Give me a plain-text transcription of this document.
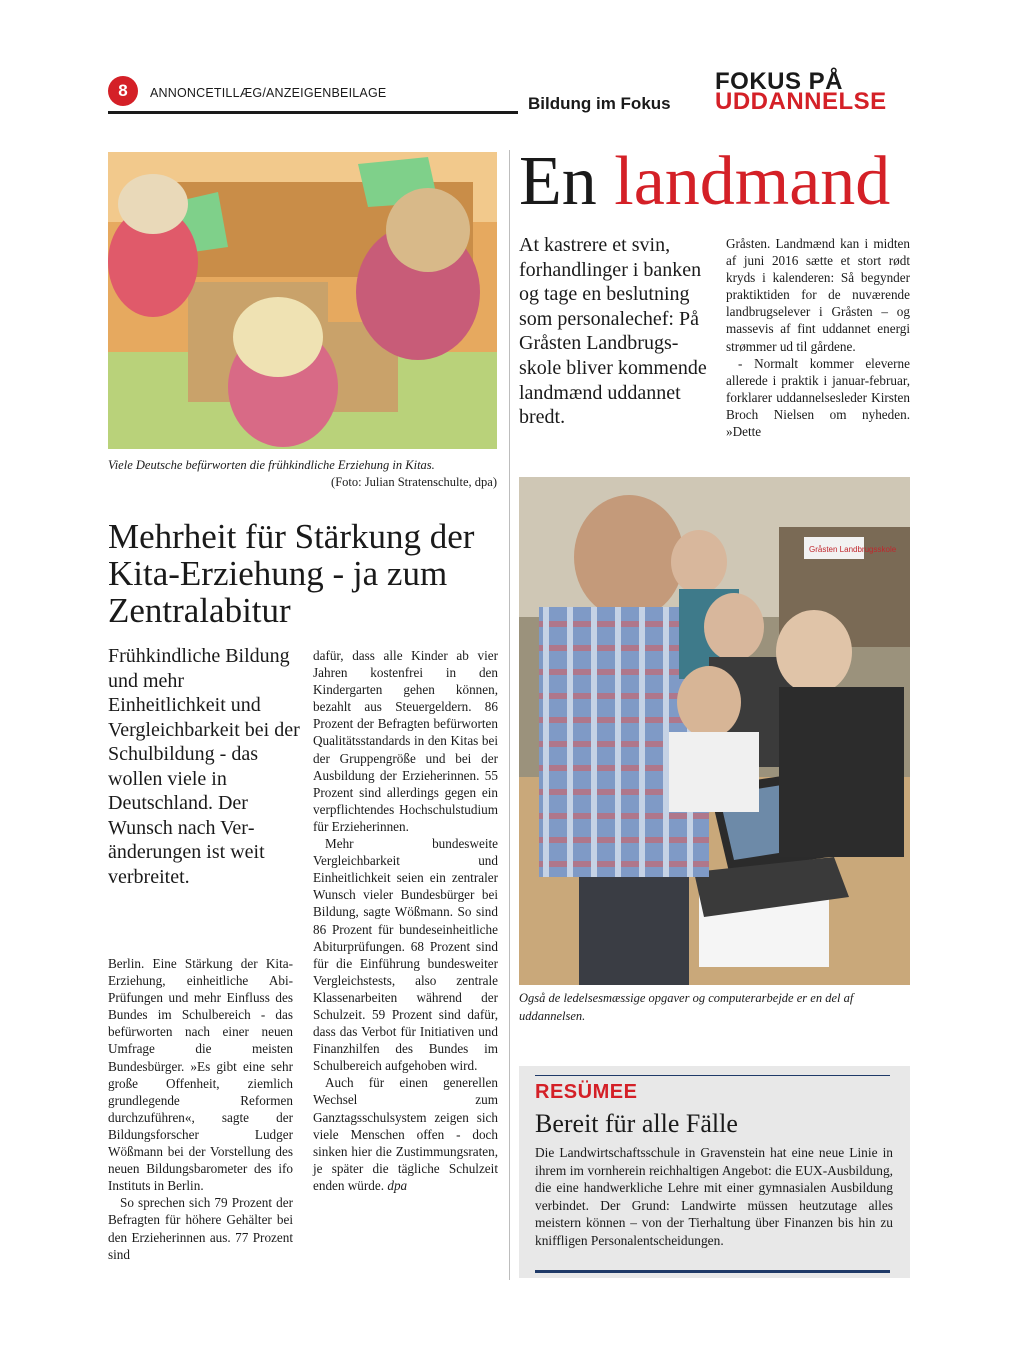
8	ANNONCETILLÆG/ANZEIGENBEILAGE
Bildung im Fokus
FOKUS PÅ
UDDANNELSE
Viele Deutsche befürworten die frühkindliche Erziehung in Kitas.
(Foto: Julian Stratenschulte, dpa)
Mehrheit für Stärkung der Kita-Erziehung - ja zum Zentralabitur
Frühkindliche Bildung und mehr Einheitlichkeit und Vergleichbarkeit bei der Schulbildung - das wollen viele in Deutschland. Der Wunsch nach Veränderungen ist weit verbreitet.

Berlin. Eine Stärkung der Kita-Erziehung, einheitliche Abi-Prüfungen und mehr Einfluss des Bundes im Schulbereich - das befürworten nach einer neuen Umfrage die meisten Bundesbürger. »Es gibt eine sehr große Offenheit, ziemlich grundlegende Reformen durchzuführen«, sagte der Bildungsforscher Ludger Wößmann bei der Vorstellung des neuen Bildungsbarometer des ifo Instituts in Berlin.

So sprechen sich 79 Prozent der Befragten für höhere Gehälter bei den Erzieherinnen aus. 77 Prozent sind

dafür, dass alle Kinder ab vier Jahren kostenfrei in den Kindergarten gehen können, bezahlt aus Steuergeldern. 86 Prozent der Befragten befürworten Qualitätsstandards in den Kitas bei der Gruppengröße und bei der Ausbildung der Erzieherinnen. 55 Prozent sind allerdings gegen ein verpflichtendes Hochschulstudium für Erzieherinnen.

Mehr bundesweite Vergleichbarkeit und Einheitlichkeit seien ein zentraler Wunsch vieler Bundesbürger bei Bildung, sagte Wößmann. So sind 86 Prozent für bundeseinheitliche Abiturprüfungen. 68 Prozent sind für die Einführung bundesweiter Vergleichstests, also zentrale Klassenarbeiten während der Schulzeit. 59 Prozent sind dafür, dass das Verbot für Initiativen und Finanzhilfen des Bundes im Schulbereich aufgehoben wird.

Auch für einen generellen Wechsel zum Ganztagsschulsystem zeigen sich viele Menschen offen - doch sinken hier die Zustimmungsraten, je später die tägliche Schulzeit enden würde. dpa

En landmand
At kastrere et svin, forhandlinger i banken og tage en beslutning som personalechef: På Gråsten Landbrugsskole bliver kommende landmænd uddannet bredt.

Gråsten. Landmænd kan i midten af juni 2016 sætte et stort rødt kryds i kalenderen: Så begynder praktiktiden for de nuværende landbrugselever i Gråsten – og massevis af fint uddannet energi strømmer ud til gårdene.

- Normalt kommer eleverne allerede i praktik i januar-februar, forklarer uddannelsesleder Kirsten Broch Nielsen om nyheden. »Dette

Gråsten Landbrugsskole
Også de ledelsesmæssige opgaver og computerarbejde er en del af uddannelsen.
RESÜMEE
Bereit für alle Fälle
Die Landwirtschaftsschule in Gravenstein hat eine neue Linie in ihrem im vornherein reichhaltigen Angebot: die EUX-Ausbildung, die eine handwerkliche Lehre mit einer gymnasialen Ausbildung verbindet. Der Grund: Landwirte müssen heutzutage alles meistern können – von der Tierhaltung über Finanzen bis hin zu kniffligen Personalentscheidungen.
